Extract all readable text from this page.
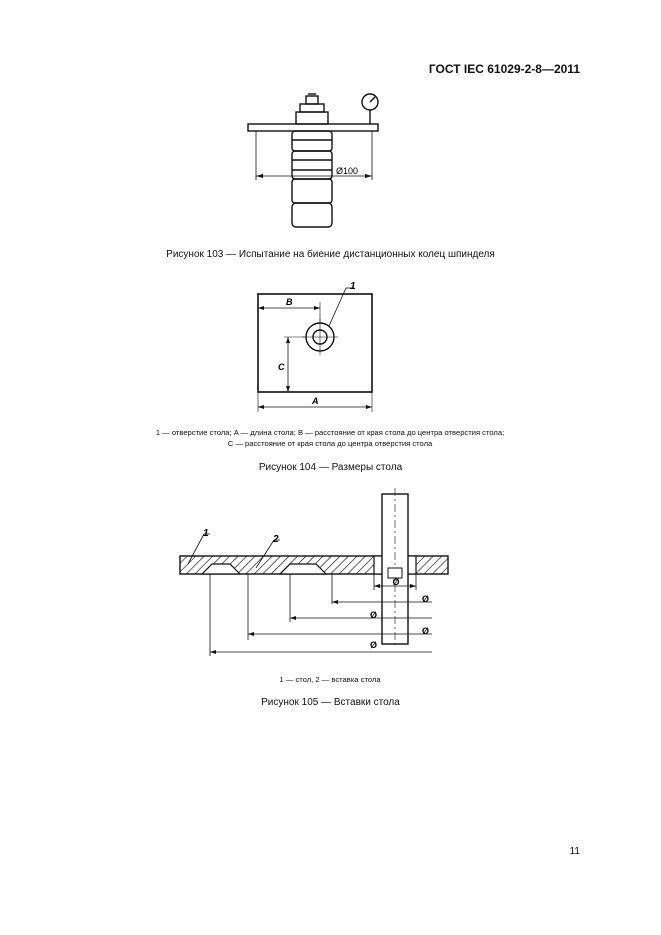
ГОСТ IEC 61029-2-8—2011
Ø100
Рисунок 103 — Испытание на биение дистанционных колец шпинделя
B
C
A
1
1 — отверстие стола; A — длина стола; B — расстояние от края стола до центра отверстия стола;
C — расстояние от края стола до центра отверстия стола
Рисунок 104 — Размеры стола
Ø
Ø
Ø
Ø
Ø
1
2
1 — стол, 2 — вставка стола
Рисунок 105 — Вставки стола
11
